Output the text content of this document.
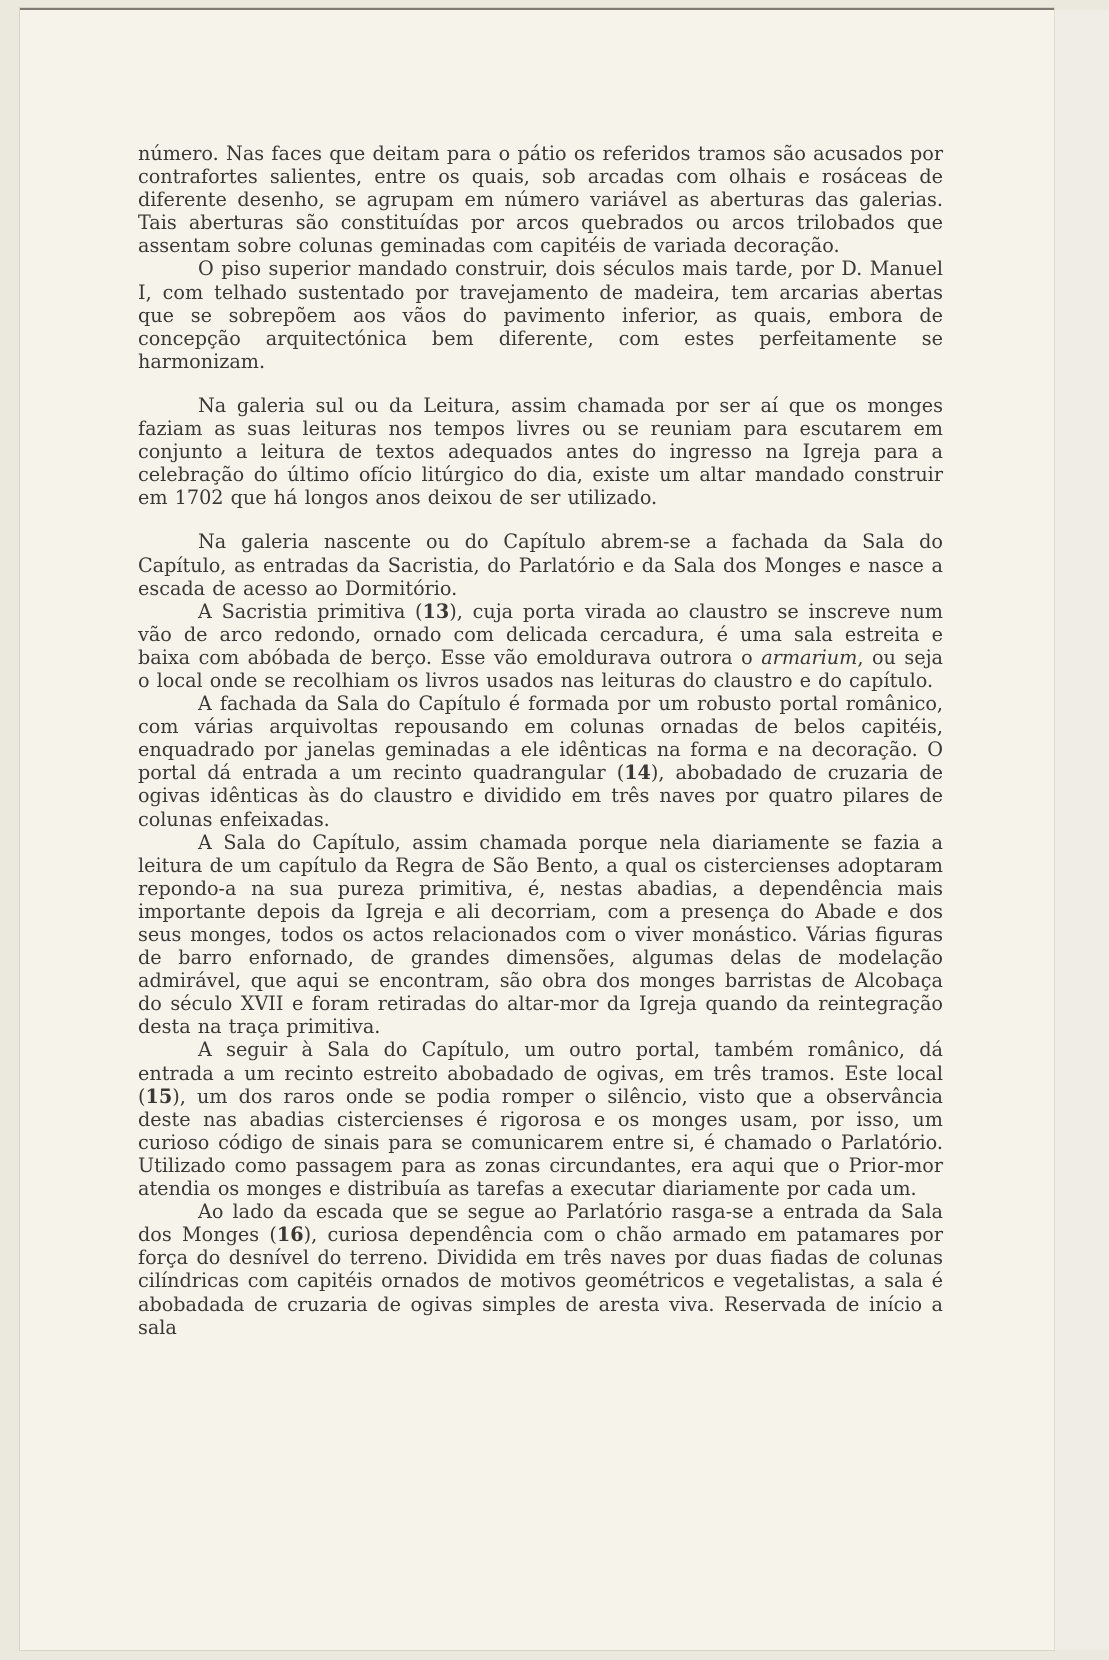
número. Nas faces que deitam para o pátio os referidos tramos são acusados por contrafortes salientes, entre os quais, sob arcadas com olhais e rosáceas de diferente desenho, se agrupam em número variável as aberturas das galerias. Tais aberturas são constituídas por arcos quebrados ou arcos trilobados que assentam sobre colunas geminadas com capitéis de variada decoração.

O piso superior mandado construir, dois séculos mais tarde, por D. Manuel I, com telhado sustentado por travejamento de madeira, tem arcarias abertas que se sobrepõem aos vãos do pavimento inferior, as quais, embora de concepção arquitectónica bem diferente, com estes perfeitamente se harmonizam.

Na galeria sul ou da Leitura, assim chamada por ser aí que os monges faziam as suas leituras nos tempos livres ou se reuniam para escutarem em conjunto a leitura de textos adequados antes do ingresso na Igreja para a celebração do último ofício litúrgico do dia, existe um altar mandado construir em 1702 que há longos anos deixou de ser utilizado.

Na galeria nascente ou do Capítulo abrem-se a fachada da Sala do Capítulo, as entradas da Sacristia, do Parlatório e da Sala dos Monges e nasce a escada de acesso ao Dormitório.

A Sacristia primitiva (13), cuja porta virada ao claustro se inscreve num vão de arco redondo, ornado com delicada cercadura, é uma sala estreita e baixa com abóbada de berço. Esse vão emoldurava outrora o armarium, ou seja o local onde se recolhiam os livros usados nas leituras do claustro e do capítulo.

A fachada da Sala do Capítulo é formada por um robusto portal românico, com várias arquivoltas repousando em colunas ornadas de belos capitéis, enquadrado por janelas geminadas a ele idênticas na forma e na decoração. O portal dá entrada a um recinto quadrangular (14), abobadado de cruzaria de ogivas idênticas às do claustro e dividido em três naves por quatro pilares de colunas enfeixadas.

A Sala do Capítulo, assim chamada porque nela diariamente se fazia a leitura de um capítulo da Regra de São Bento, a qual os cistercienses adoptaram repondo-a na sua pureza primitiva, é, nestas abadias, a dependência mais importante depois da Igreja e ali decorriam, com a presença do Abade e dos seus monges, todos os actos relacionados com o viver monástico. Várias figuras de barro enfornado, de grandes dimensões, algumas delas de modelação admirável, que aqui se encontram, são obra dos monges barristas de Alcobaça do século XVII e foram retiradas do altar-mor da Igreja quando da reintegração desta na traça primitiva.

A seguir à Sala do Capítulo, um outro portal, também românico, dá entrada a um recinto estreito abobadado de ogivas, em três tramos. Este local (15), um dos raros onde se podia romper o silêncio, visto que a observância deste nas abadias cistercienses é rigorosa e os monges usam, por isso, um curioso código de sinais para se comunicarem entre si, é chamado o Parlatório. Utilizado como passagem para as zonas circundantes, era aqui que o Prior-mor atendia os monges e distribuía as tarefas a executar diariamente por cada um.

Ao lado da escada que se segue ao Parlatório rasga-se a entrada da Sala dos Monges (16), curiosa dependência com o chão armado em patamares por força do desnível do terreno. Dividida em três naves por duas fiadas de colunas cilíndricas com capitéis ornados de motivos geométricos e vegetalistas, a sala é abobadada de cruzaria de ogivas simples de aresta viva. Reservada de início a sala
